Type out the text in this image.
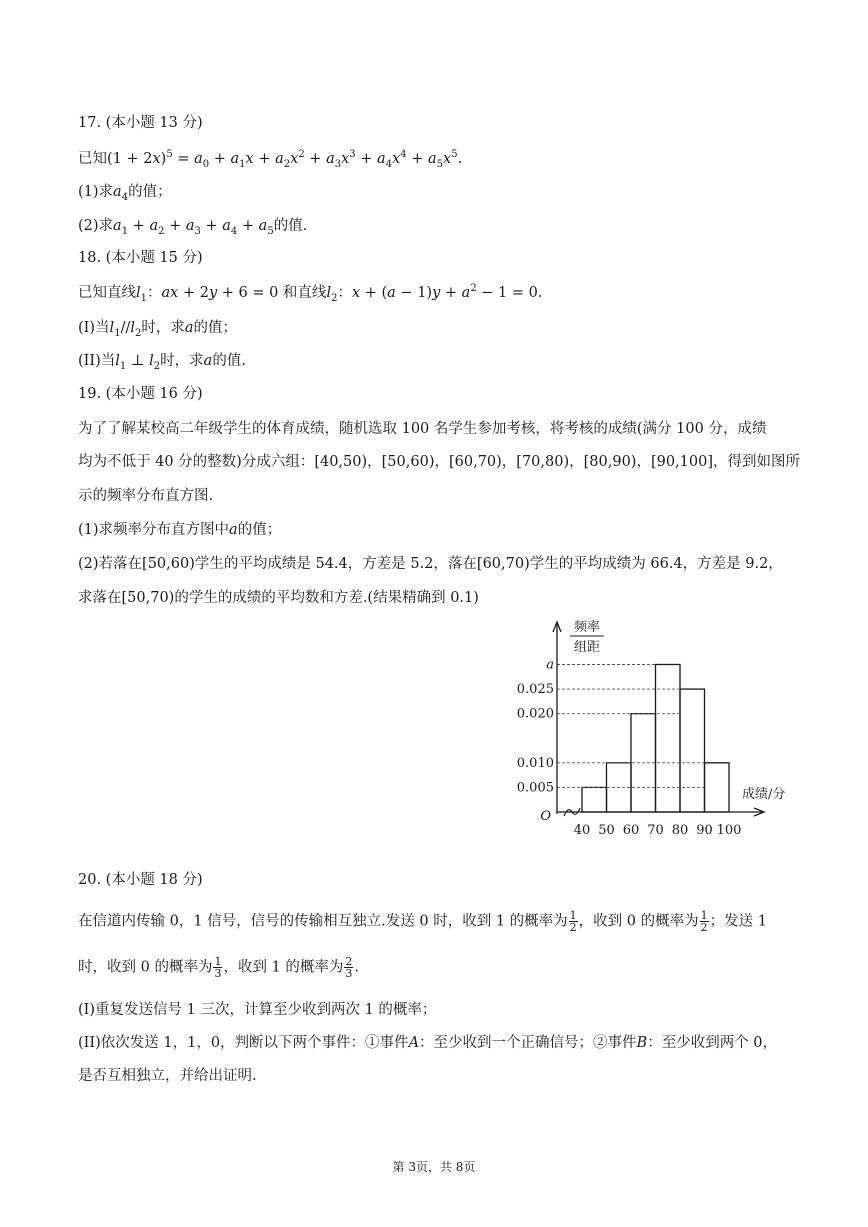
17. (本小题 13 分)
已知$(1 + 2x)^5 = a_0 + a_1x + a_2x^2 + a_3x^3 + a_4x^4 + a_5x^5$.
(1)求$a_4$的值；
(2)求$a_1 + a_2 + a_3 + a_4 + a_5$的值.
18. (本小题 15 分)
已知直线$l_1$：ax + 2y + 6 = 0 和直线$l_2$：$x + (a - 1)y + a^2 - 1 = 0$.
(I)当$l_1//l_2$时，求a的值；
(II)当$l_1$ ⊥ $l_2$时，求a的值.
19. (本小题 16 分)
为了了解某校高二年级学生的体育成绩，随机选取 100 名学生参加考核，将考核的成绩(满分 100 分，成绩
均为不低于 40 分的整数)分成六组：[40,50)，[50,60)，[60,70)，[70,80)，[80,90)，[90,100]，得到如图所
示的频率分布直方图.
(1)求频率分布直方图中a的值；
(2)若落在[50,60)学生的平均成绩是 54.4，方差是 5.2，落在[60,70)学生的平均成绩为 66.4，方差是 9.2，
求落在[50,70)的学生的成绩的平均数和方差.(结果精确到 0.1)
0.005
0.010
0.020
0.025
a
O
40 50 60 70 80 90 100
成绩/分
频率
组距
20. (本小题 18 分)
在信道内传输 0，1 信号，信号的传输相互独立.发送 0 时，收到 1 的概率为 $\frac{1}{2}$ ，收到 0 的概率为 $\frac{1}{2}$ ；发送 1
时，收到 0 的概率为 $\frac{1}{3}$ ，收到 1 的概率为 $\frac{2}{3}$ .
(I)重复发送信号 1 三次，计算至少收到两次 1 的概率；
(II)依次发送 1，1，0，判断以下两个事件：①事件A：至少收到一个正确信号；②事件B：至少收到两个 0，
是否互相独立，并给出证明.
第 3页，共 8页
